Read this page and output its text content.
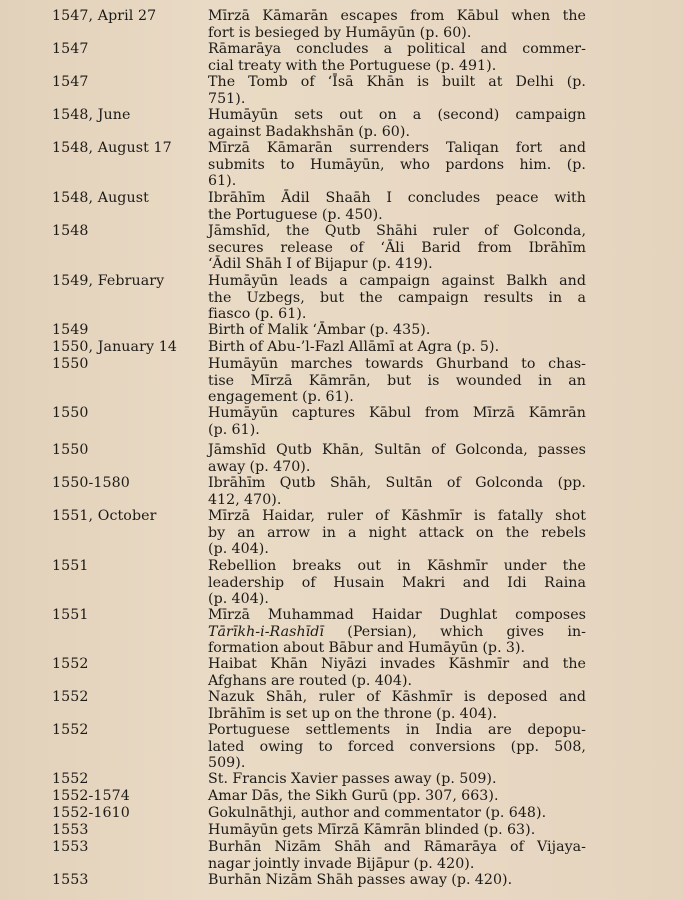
1547, April 27	Mīrzā Kāmarān escapes from Kābul when the
fort is besieged by Humāyūn (p. 60).
1547	Rāmarāya concludes a political and commer-
cial treaty with the Portuguese (p. 491).
1547	The Tomb of ‘Īsā Khān is built at Delhi (p.
751).
1548, June	Humāyūn sets out on a (second) campaign
against Badakhshān (p. 60).
1548, August 17	Mīrzā Kāmarān surrenders Taliqan fort and
submits to Humāyūn, who pardons him. (p.
61).
1548, August	Ibrāhīm Ādil Shaāh I concludes peace with
the Portuguese (p. 450).
1548	Jāmshīd, the Qutb Shāhi ruler of Golconda,
secures release of ‘Āli Barid from Ibrāhīm
‘Ādil Shāh I of Bijapur (p. 419).
1549, February	Humāyūn leads a campaign against Balkh and
the Uzbegs, but the campaign results in a
fiasco (p. 61).
1549	Birth of Malik ‘Āmbar (p. 435).
1550, January 14 Birth of Abu-’l-Fazl Allāmī at Agra (p. 5).
1550	Humāyūn marches towards Ghurband to chas-
tise Mīrzā Kāmrān, but is wounded in an
engagement (p. 61).
1550	Humāyūn captures Kābul from Mīrzā Kāmrān
(p. 61).
1550	Jāmshīd Qutb Khān, Sultān of Golconda, passes
away (p. 470).
1550-1580	Ibrāhīm Qutb Shāh, Sultān of Golconda (pp.
412, 470).
1551, October	Mīrzā Haidar, ruler of Kāshmīr is fatally shot
by an arrow in a night attack on the rebels
(p. 404).
1551	Rebellion breaks out in Kāshmīr under the
leadership of Husain Makri and Idi Raina
(p. 404).
1551	Mīrzā Muhammad Haidar Dughlat composes
Tārīkh-i-Rashīdī (Persian), which gives in-
formation about Bābur and Humāyūn (p. 3).
1552	Haibat Khān Niyāzi invades Kāshmīr and the
Afghans are routed (p. 404).
1552	Nazuk Shāh, ruler of Kāshmīr is deposed and
Ibrāhīm is set up on the throne (p. 404).
1552	Portuguese settlements in India are depopu-
lated owing to forced conversions (pp. 508,
509).
1552	St. Francis Xavier passes away (p. 509).
1552-1574	Amar Dās, the Sikh Gurū (pp. 307, 663).
1552-1610	Gokulnāthji, author and commentator (p. 648).
1553	Humāyūn gets Mīrzā Kāmrān blinded (p. 63).
1553	Burhān Nizām Shāh and Rāmarāya of Vijaya-
nagar jointly invade Bijāpur (p. 420).
1553	Burhān Nizām Shāh passes away (p. 420).
